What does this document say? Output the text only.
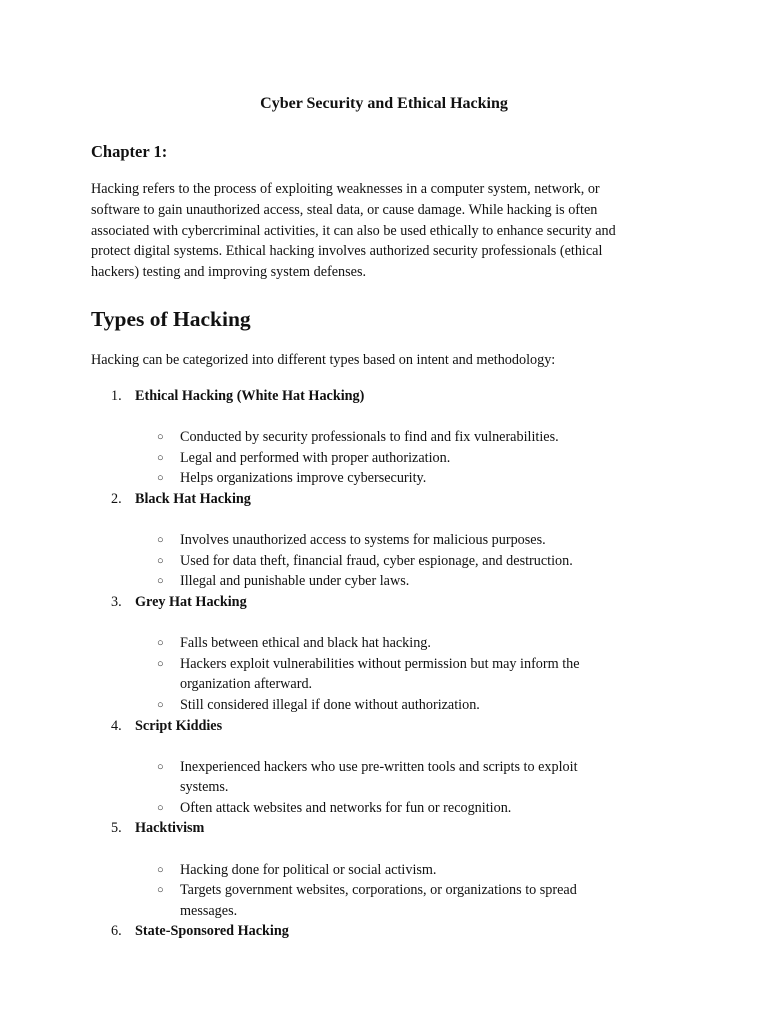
Cyber Security and Ethical Hacking
Chapter 1:

Hacking refers to the process of exploiting weaknesses in a computer system, network, or software to gain unauthorized access, steal data, or cause damage. While hacking is often associated with cybercriminal activities, it can also be used ethically to enhance security and protect digital systems. Ethical hacking involves authorized security professionals (ethical hackers) testing and improving system defenses.

Types of Hacking

Hacking can be categorized into different types based on intent and methodology:

1. Ethical Hacking (White Hat Hacking)
○ Conducted by security professionals to find and fix vulnerabilities.
○ Legal and performed with proper authorization.
○ Helps organizations improve cybersecurity.
2. Black Hat Hacking
○ Involves unauthorized access to systems for malicious purposes.
○ Used for data theft, financial fraud, cyber espionage, and destruction.
○ Illegal and punishable under cyber laws.
3. Grey Hat Hacking
○ Falls between ethical and black hat hacking.
○ Hackers exploit vulnerabilities without permission but may inform the organization afterward.
○ Still considered illegal if done without authorization.
4. Script Kiddies
○ Inexperienced hackers who use pre-written tools and scripts to exploit systems.
○ Often attack websites and networks for fun or recognition.
5. Hacktivism
○ Hacking done for political or social activism.
○ Targets government websites, corporations, or organizations to spread messages.
6. State-Sponsored Hacking
